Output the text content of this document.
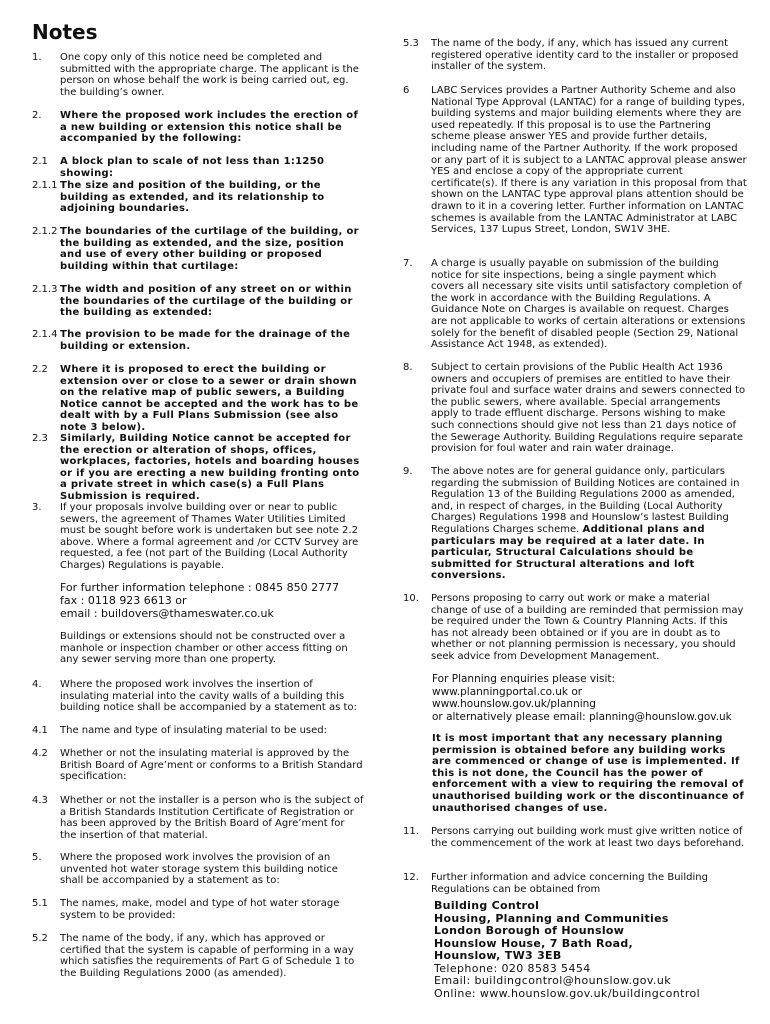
Notes
1.	One copy only of this notice need be completed and submitted with the appropriate charge. The applicant is the person on whose behalf the work is being carried out, eg. the building’s owner.
2.	Where the proposed work includes the erection of a new building or extension this notice shall be accompanied by the following:
2.1	A block plan to scale of not less than 1:1250 showing:
2.1.1 The size and position of the building, or the building as extended, and its relationship to adjoining boundaries.
2.1.2 The boundaries of the curtilage of the building, or the building as extended, and the size, position and use of every other building or proposed building within that curtilage:
2.1.3 The width and position of any street on or within the boundaries of the curtilage of the building or the building as extended:
2.1.4 The provision to be made for the drainage of the building or extension.
2.2	Where it is proposed to erect the building or extension over or close to a sewer or drain shown on the relative map of public sewers, a Building Notice cannot be accepted and the work has to be dealt with by a Full Plans Submission (see also note 3 below).
2.3	Similarly, Building Notice cannot be accepted for the erection or alteration of shops, offices, workplaces, factories, hotels and boarding houses or if you are erecting a new building fronting onto a private street in which case(s) a Full Plans Submission is required.
3.	If your proposals involve building over or near to public sewers, the agreement of Thames Water Utilities Limited must be sought before work is undertaken but see note 2.2 above. Where a formal agreement and /or CCTV Survey are requested, a fee (not part of the Building (Local Authority Charges) Regulations is payable.
4.	Where the proposed work involves the insertion of insulating material into the cavity walls of a building this building notice shall be accompanied by a statement as to:
4.1	The name and type of insulating material to be used:
4.2	Whether or not the insulating material is approved by the British Board of Agre’ment or conforms to a British Standard specification:
4.3	Whether or not the installer is a person who is the subject of a British Standards Institution Certificate of Registration or has been approved by the British Board of Agre’ment for the insertion of that material.
5.	Where the proposed work involves the provision of an unvented hot water storage system this building notice shall be accompanied by a statement as to:
5.1	The names, make, model and type of hot water storage system to be provided:
5.2	The name of the body, if any, which has approved or certified that the system is capable of performing in a way which satisfies the requirements of Part G of Schedule 1 to the Building Regulations 2000 (as amended).
For further information telephone : 0845 850 2777
fax : 0118 923 6613 or
email : buildovers@thameswater.co.uk
Buildings or extensions should not be constructed over a manhole or inspection chamber or other access fitting on any sewer serving more than one property.
5.3	The name of the body, if any, which has issued any current registered operative identity card to the installer or proposed installer of the system.
6	LABC Services provides a Partner Authority Scheme and also National Type Approval (LANTAC) for a range of building types, building systems and major building elements where they are used repeatedly. If this proposal is to use the Partnering scheme please answer YES and provide further details, including name of the Partner Authority. If the work proposed or any part of it is subject to a LANTAC approval please answer YES and enclose a copy of the appropriate current certificate(s). If there is any variation in this proposal from that shown on the LANTAC type approval plans attention should be drawn to it in a covering letter. Further information on LANTAC schemes is available from the LANTAC Administrator at LABC Services, 137 Lupus Street, London, SW1V 3HE.
7.	A charge is usually payable on submission of the building notice for site inspections, being a single payment which covers all necessary site visits until satisfactory completion of the work in accordance with the Building Regulations. A Guidance Note on Charges is available on request. Charges are not applicable to works of certain alterations or extensions solely for the benefit of disabled people (Section 29, National Assistance Act 1948, as extended).
8.	Subject to certain provisions of the Public Health Act 1936 owners and occupiers of premises are entitled to have their private foul and surface water drains and sewers connected to the public sewers, where available. Special arrangements apply to trade effluent discharge. Persons wishing to make such connections should give not less than 21 days notice of the Sewerage Authority. Building Regulations require separate provision for foul water and rain water drainage.
9.	The above notes are for general guidance only, particulars regarding the submission of Building Notices are contained in Regulation 13 of the Building Regulations 2000 as amended, and, in respect of charges, in the Building (Local Authority Charges) Regulations 1998 and Hounslow’s lastest Building Regulations Charges scheme. Additional plans and particulars may be required at a later date. In particular, Structural Calculations should be submitted for Structural alterations and loft conversions.
10.	Persons proposing to carry out work or make a material change of use of a building are reminded that permission may be required under the Town & Country Planning Acts. If this has not already been obtained or if you are in doubt as to whether or not planning permission is necessary, you should seek advice from Development Management.
11.	Persons carrying out building work must give written notice of the commencement of the work at least two days beforehand.
12.	Further information and advice concerning the Building Regulations can be obtained from
For Planning enquiries please visit:
www.planningportal.co.uk or
www.hounslow.gov.uk/planning
or alternatively please email: planning@hounslow.gov.uk
It is most important that any necessary planning permission is obtained before any building works are commenced or change of use is implemented. If this is not done, the Council has the power of enforcement with a view to requiring the removal of unauthorised building work or the discontinuance of unauthorised changes of use.
Building Control
Housing, Planning and Communities
London Borough of Hounslow
Hounslow House, 7 Bath Road,
Hounslow, TW3 3EB
Telephone: 020 8583 5454
Email: buildingcontrol@hounslow.gov.uk
Online: www.hounslow.gov.uk/buildingcontrol
